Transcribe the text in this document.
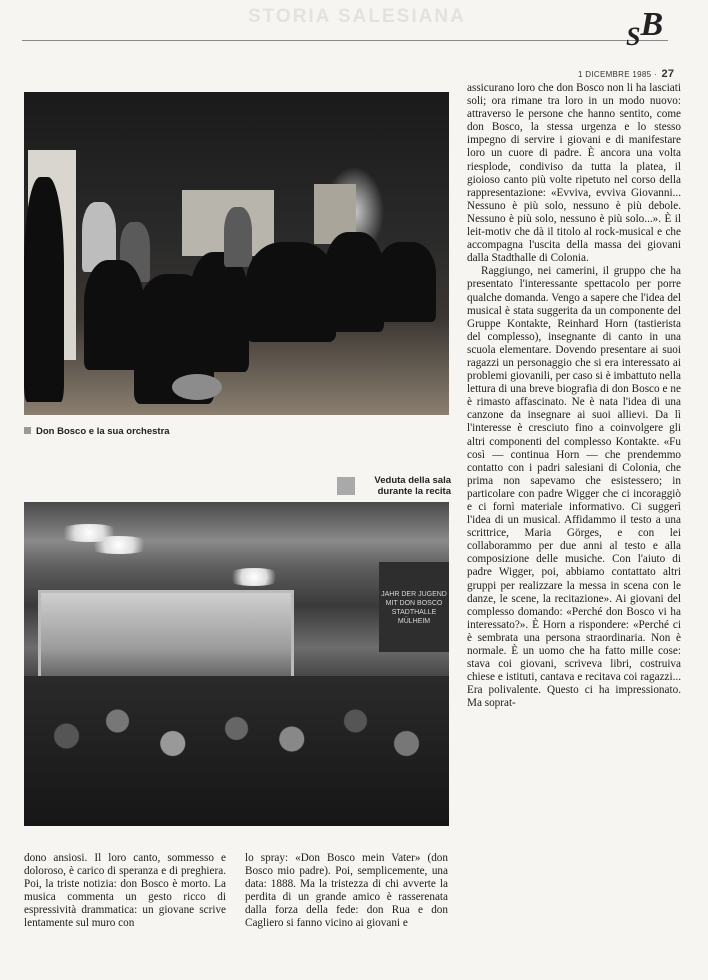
STORIA SALESIANA
$_S$B
1 DICEMBRE 1985 · 27
Don Bosco e la sua orchestra
Veduta della sala
durante la recita
JAHR DER JUGEND
MIT DON BOSCO
STADTHALLE MÜLHEIM

assicurano loro che don Bosco non li ha lasciati soli; ora rimane tra loro in un modo nuovo: attraverso le persone che hanno sentito, come don Bosco, la stessa urgenza e lo stesso impegno di servire i giovani e di manifestare loro un cuore di padre. È ancora una volta riesplode, condiviso da tutta la platea, il gioioso canto più volte ripetuto nel corso della rappresentazione: «Evviva, evviva Giovanni... Nessuno è più solo, nessuno è più debole. Nessuno è più solo, nessuno è più solo...». È il leit-motiv che dà il titolo al rock-musical e che accompagna l'uscita della massa dei giovani dalla Stadthalle di Colonia.

Raggiungo, nei camerini, il gruppo che ha presentato l'interessante spettacolo per porre qualche domanda. Vengo a sapere che l'idea del musical è stata suggerita da un componente del Gruppe Kontakte, Reinhard Horn (tastierista del complesso), insegnante di canto in una scuola elementare. Dovendo presentare ai suoi ragazzi un personaggio che si era interessato ai problemi giovanili, per caso si è imbattuto nella lettura di una breve biografia di don Bosco e ne è rimasto affascinato. Ne è nata l'idea di una canzone da insegnare ai suoi allievi. Da lì l'interesse è cresciuto fino a coinvolgere gli altri componenti del complesso Kontakte. «Fu così — continua Horn — che prendemmo contatto con i padri salesiani di Colonia, che prima non sapevamo che esistessero; in particolare con padre Wigger che ci incoraggiò e ci fornì materiale informativo. Ci suggerì l'idea di un musical. Affidammo il testo a una scrittrice, Maria Görges, e con lei collaborammo per due anni al testo e alla composizione delle musiche. Con l'aiuto di padre Wigger, poi, abbiamo contattato altri gruppi per realizzare la messa in scena con le danze, le scene, la recitazione». Ai giovani del complesso domando: «Perché don Bosco vi ha interessato?». È Horn a rispondere: «Perché ci è sembrata una persona straordinaria. Non è normale. È un uomo che ha fatto mille cose: stava coi giovani, scriveva libri, costruiva chiese e istituti, cantava e recitava coi ragazzi... Era polivalente. Questo ci ha impressionato. Ma soprat-

dono ansiosi. Il loro canto, sommesso e doloroso, è carico di speranza e di preghiera. Poi, la triste notizia: don Bosco è morto. La musica commenta un gesto ricco di espressività drammatica: un giovane scrive lentamente sul muro con

lo spray: «Don Bosco mein Vater» (don Bosco mio padre). Poi, semplicemente, una data: 1888. Ma la tristezza di chi avverte la perdita di un grande amico è rasserenata dalla forza della fede: don Rua e don Cagliero si fanno vicino ai giovani e
